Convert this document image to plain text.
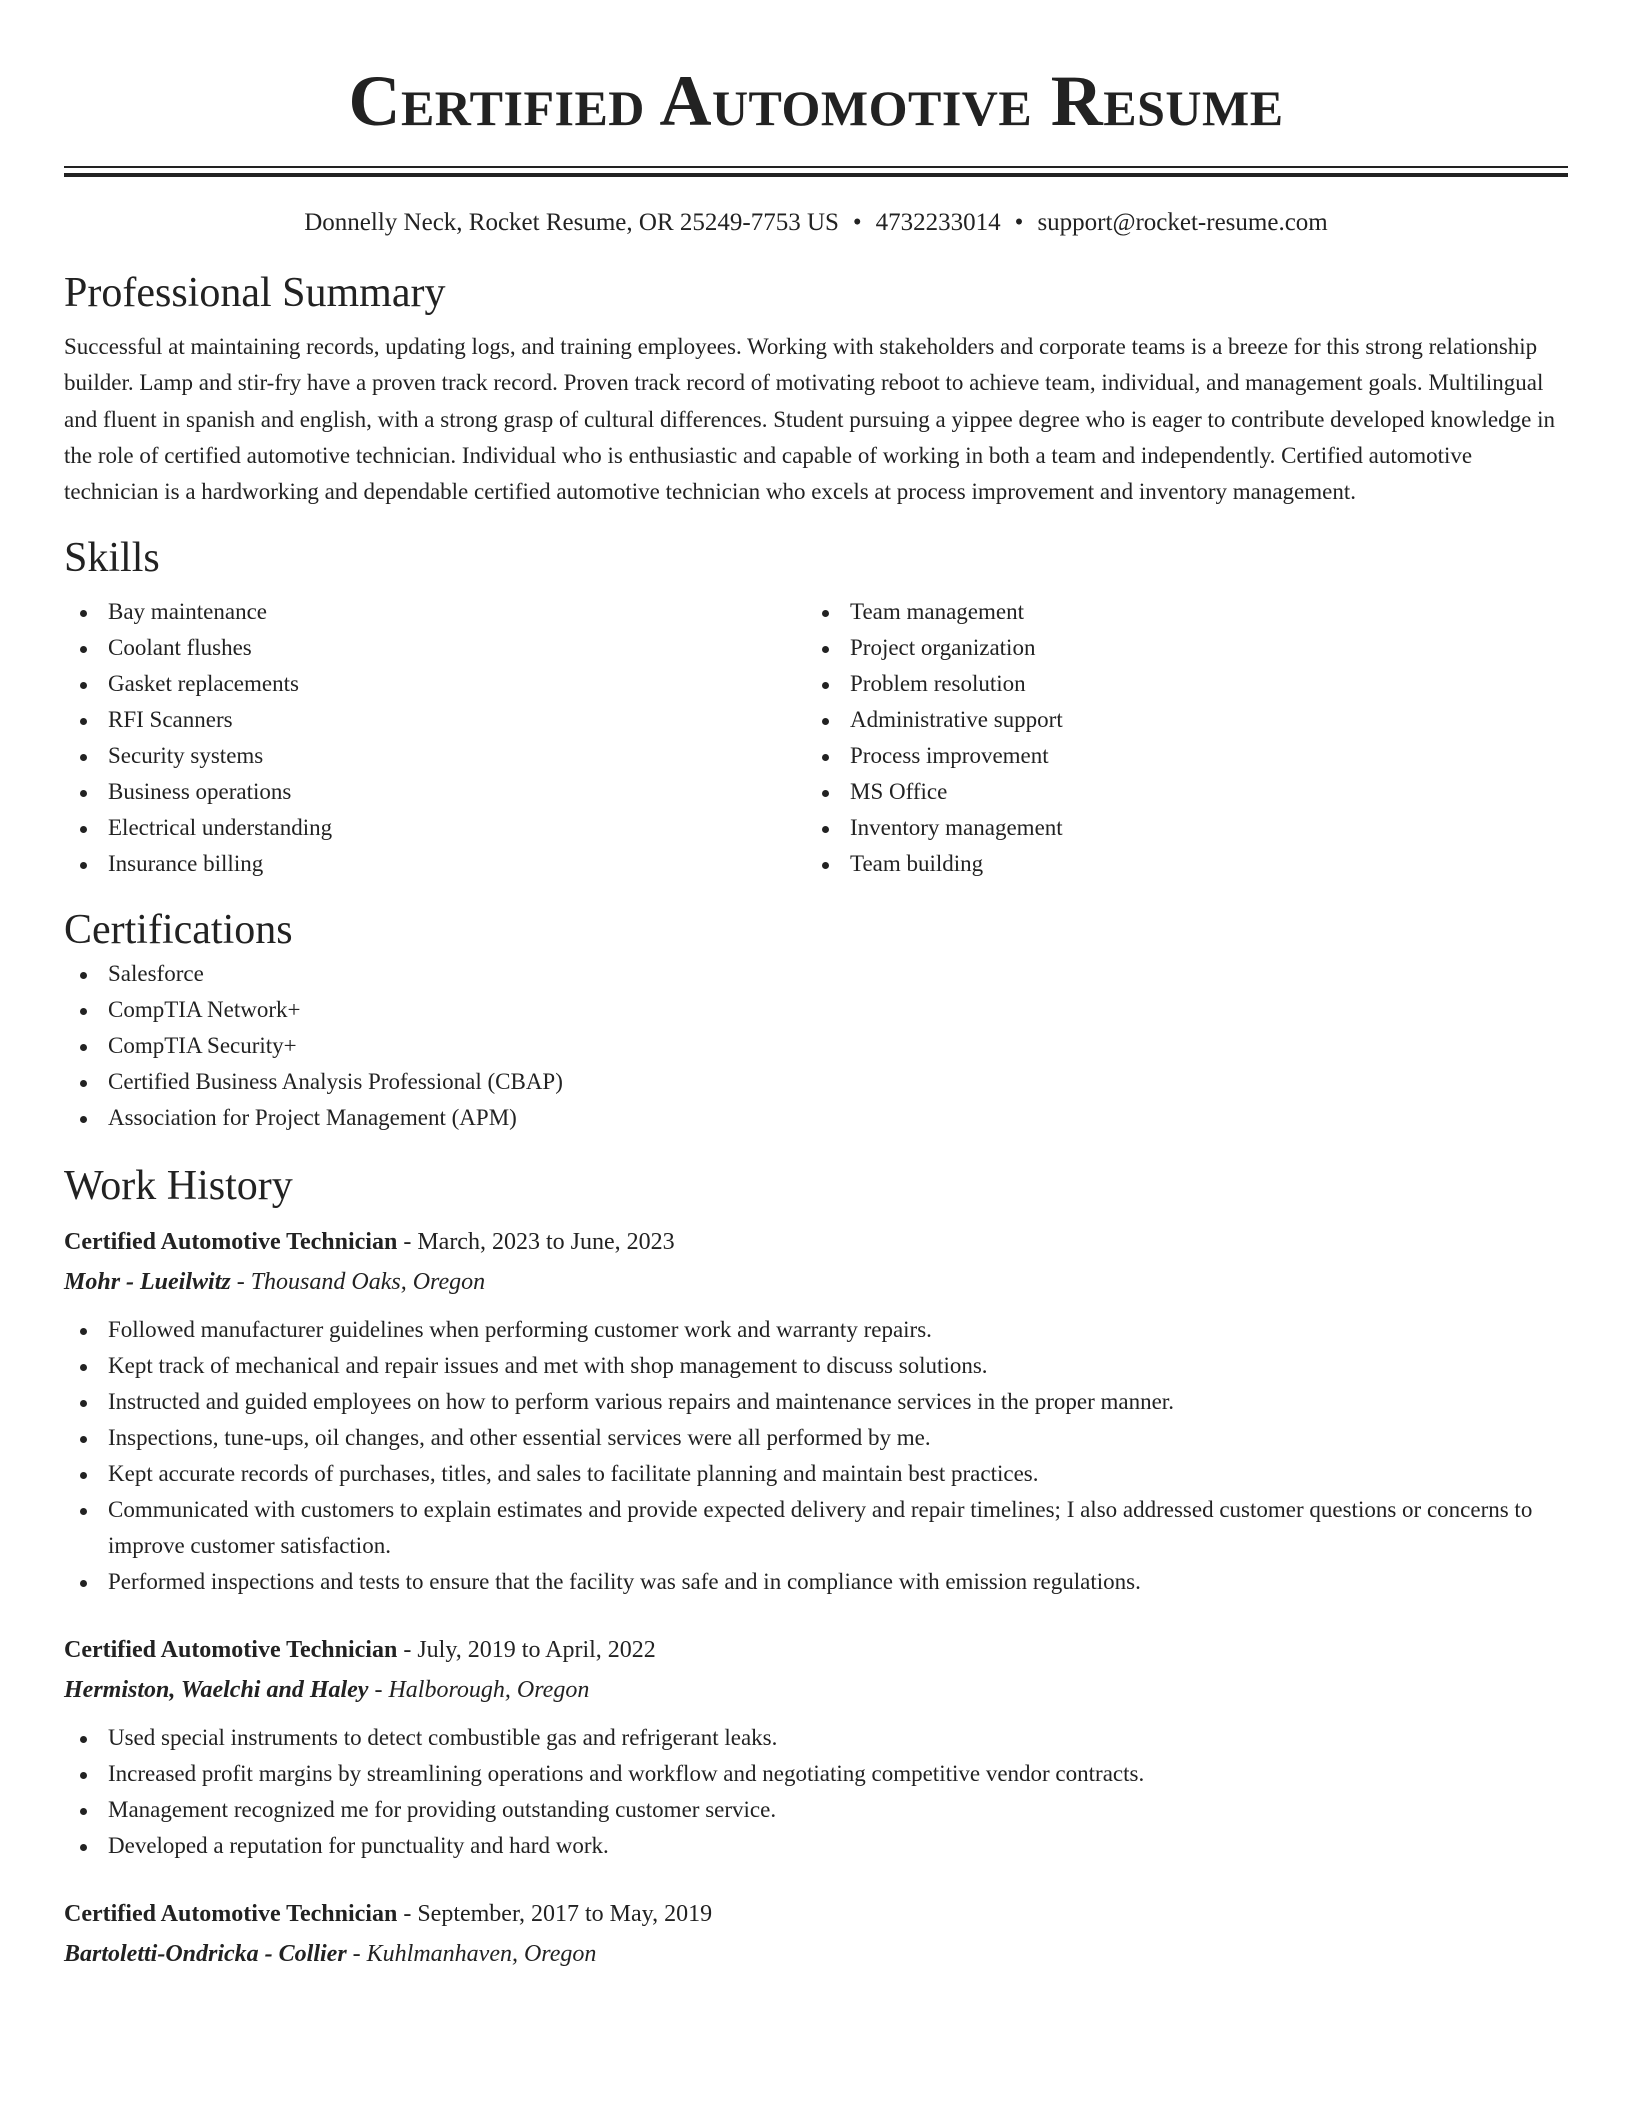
Certified Automotive Resume
Donnelly Neck, Rocket Resume, OR 25249-7753 US • 4732233014 • support@rocket-resume.com
Professional Summary

Successful at maintaining records, updating logs, and training employees. Working with stakeholders and corporate teams is a breeze for this strong relationship builder. Lamp and stir-fry have a proven track record. Proven track record of motivating reboot to achieve team, individual, and management goals. Multilingual and fluent in spanish and english, with a strong grasp of cultural differences. Student pursuing a yippee degree who is eager to contribute developed knowledge in the role of certified automotive technician. Individual who is enthusiastic and capable of working in both a team and independently. Certified automotive technician is a hardworking and dependable certified automotive technician who excels at process improvement and inventory management.

Skills
Bay maintenance
Coolant flushes
Gasket replacements
RFI Scanners
Security systems
Business operations
Electrical understanding
Insurance billing
Team management
Project organization
Problem resolution
Administrative support
Process improvement
MS Office
Inventory management
Team building
Certifications
Salesforce
CompTIA Network+
CompTIA Security+
Certified Business Analysis Professional (CBAP)
Association for Project Management (APM)
Work History
Certified Automotive Technician - March, 2023 to June, 2023
Mohr - Lueilwitz - Thousand Oaks, Oregon
Followed manufacturer guidelines when performing customer work and warranty repairs.
Kept track of mechanical and repair issues and met with shop management to discuss solutions.
Instructed and guided employees on how to perform various repairs and maintenance services in the proper manner.
Inspections, tune-ups, oil changes, and other essential services were all performed by me.
Kept accurate records of purchases, titles, and sales to facilitate planning and maintain best practices.
Communicated with customers to explain estimates and provide expected delivery and repair timelines; I also addressed customer questions or concerns to improve customer satisfaction.
Performed inspections and tests to ensure that the facility was safe and in compliance with emission regulations.
Certified Automotive Technician - July, 2019 to April, 2022
Hermiston, Waelchi and Haley - Halborough, Oregon
Used special instruments to detect combustible gas and refrigerant leaks.
Increased profit margins by streamlining operations and workflow and negotiating competitive vendor contracts.
Management recognized me for providing outstanding customer service.
Developed a reputation for punctuality and hard work.
Certified Automotive Technician - September, 2017 to May, 2019
Bartoletti-Ondricka - Collier - Kuhlmanhaven, Oregon
